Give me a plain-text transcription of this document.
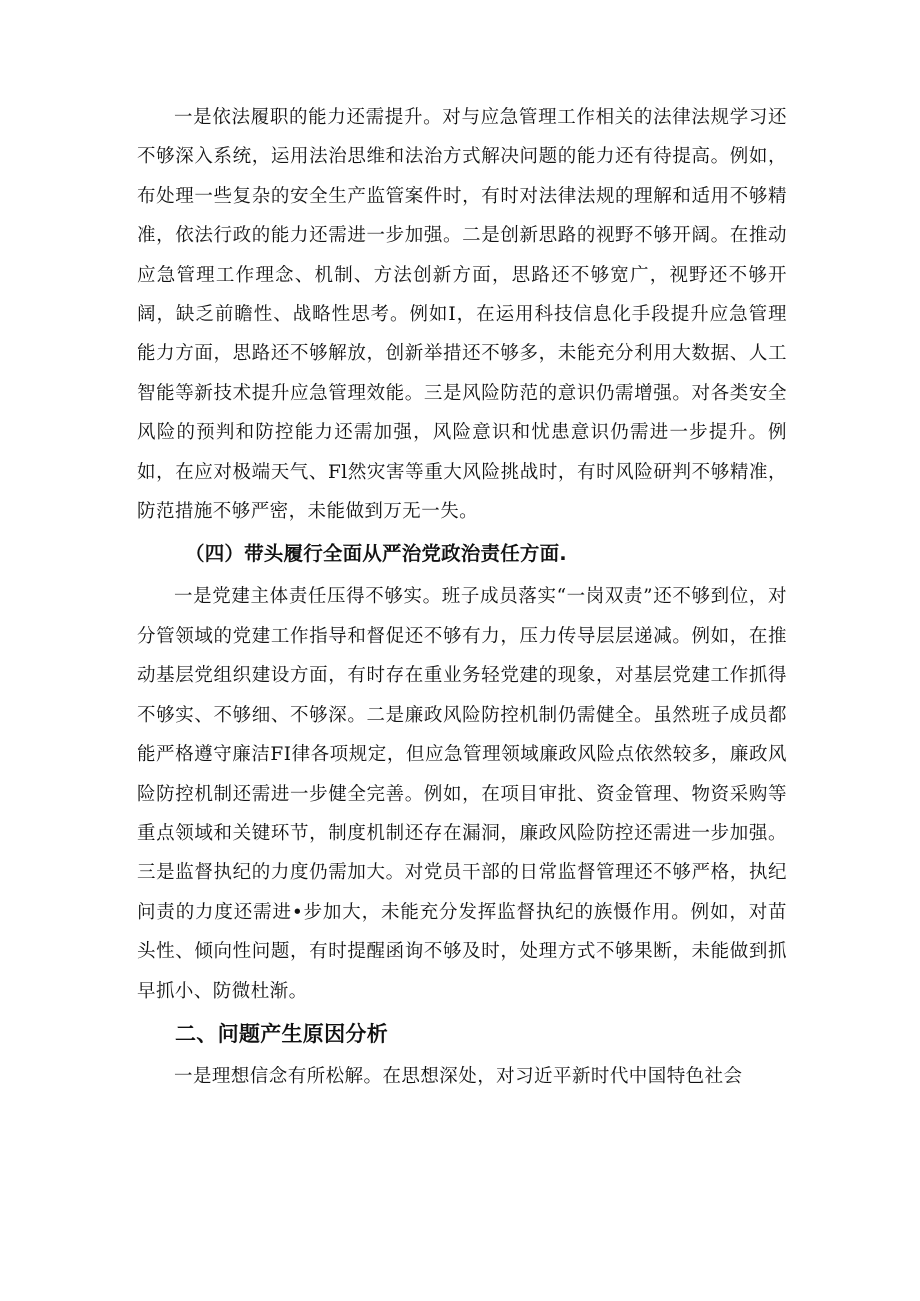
一是依法履职的能力还需提升。对与应急管理工作相关的法律法规学习还不够深入系统，运用法治思维和法治方式解决问题的能力还有待提高。例如，布处理一些复杂的安全生产监管案件时，有时对法律法规的理解和适用不够精准，依法行政的能力还需进一步加强。二是创新思路的视野不够开阔。在推动应急管理工作理念、机制、方法创新方面，思路还不够宽广，视野还不够开阔，缺乏前瞻性、战略性思考。例如I，在运用科技信息化手段提升应急管理能力方面，思路还不够解放，创新举措还不够多，未能充分利用大数据、人工智能等新技术提升应急管理效能。三是风险防范的意识仍需增强。对各类安全风险的预判和防控能力还需加强，风险意识和忧患意识仍需进一步提升。例如，在应对极端天气、Fl然灾害等重大风险挑战时，有时风险研判不够精准，防范措施不够严密，未能做到万无一失。

（四）带头履行全面从严治党政治责任方面.

一是党建主体责任压得不够实。班子成员落实“一岗双责”还不够到位，对分管领域的党建工作指导和督促还不够有力，压力传导层层递减。例如，在推动基层党组织建设方面，有时存在重业务轻党建的现象，对基层党建工作抓得不够实、不够细、不够深。二是廉政风险防控机制仍需健全。虽然班子成员都能严格遵守廉洁FI律各项规定，但应急管理领域廉政风险点依然较多，廉政风险防控机制还需进一步健全完善。例如，在项目审批、资金管理、物资采购等重点领域和关键环节，制度机制还存在漏洞，廉政风险防控还需进一步加强。三是监督执纪的力度仍需加大。对党员干部的日常监督管理还不够严格，执纪问责的力度还需进•步加大，未能充分发挥监督执纪的族慑作用。例如，对苗头性、倾向性问题，有时提醒函询不够及时，处理方式不够果断，未能做到抓早抓小、防微杜渐。

二、问题产生原因分析

一是理想信念有所松解。在思想深处，对习近平新时代中国特色社会
